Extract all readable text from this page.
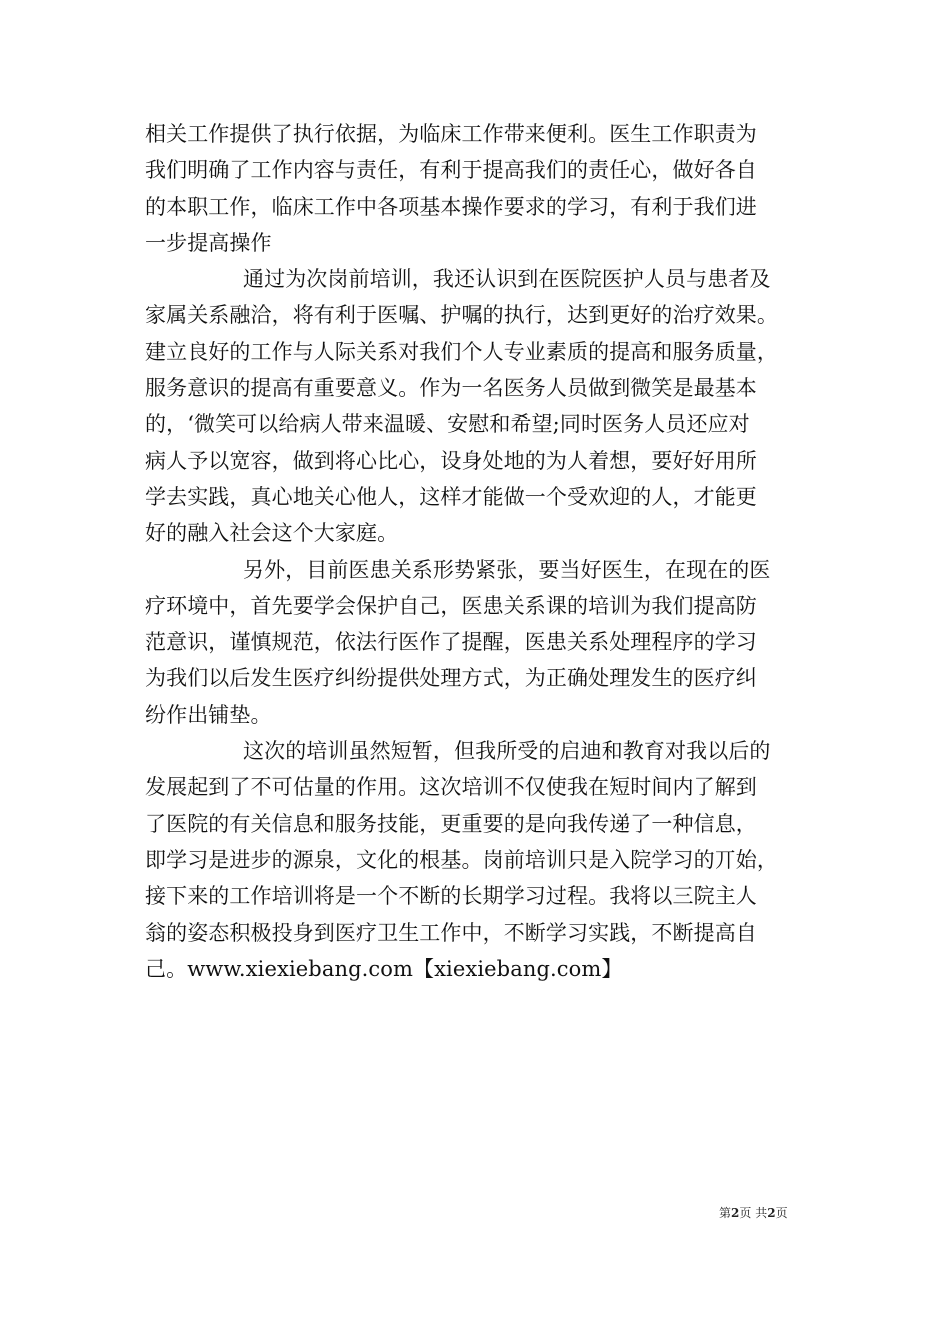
相关工作提供了执行依据，为临床工作带来便利。医生工作职责为
我们明确了工作内容与责任，有利于提高我们的责任心，做好各自
的本职工作，临床工作中各项基本操作要求的学习，有利于我们进
一步提高操作
通过为次岗前培训，我还认识到在医院医护人员与患者及
家属关系融洽，将有利于医嘱、护嘱的执行，达到更好的治疗效果。
建立良好的工作与人际关系对我们个人专业素质的提高和服务质量，
服务意识的提高有重要意义。作为一名医务人员做到微笑是最基本
的，‘微笑可以给病人带来温暖、安慰和希望;同时医务人员还应对
病人予以宽容，做到将心比心，设身处地的为人着想，要好好用所
学去实践，真心地关心他人，这样才能做一个受欢迎的人，才能更
好的融入社会这个大家庭。
另外，目前医患关系形势紧张，要当好医生，在现在的医
疗环境中，首先要学会保护自己，医患关系课的培训为我们提高防
范意识，谨慎规范，依法行医作了提醒，医患关系处理程序的学习
为我们以后发生医疗纠纷提供处理方式，为正确处理发生的医疗纠
纷作出铺垫。
这次的培训虽然短暂，但我所受的启迪和教育对我以后的
发展起到了不可估量的作用。这次培训不仅使我在短时间内了解到
了医院的有关信息和服务技能，更重要的是向我传递了一种信息，
即学习是进步的源泉，文化的根基。岗前培训只是入院学习的丌始，
接下来的工作培训将是一个不断的长期学习过程。我将以三院主人
翁的姿态积极投身到医疗卫生工作中，不断学习实践，不断提高自
己。www.xiexiebang.com【xiexiebang.com】
第2页 共2页
